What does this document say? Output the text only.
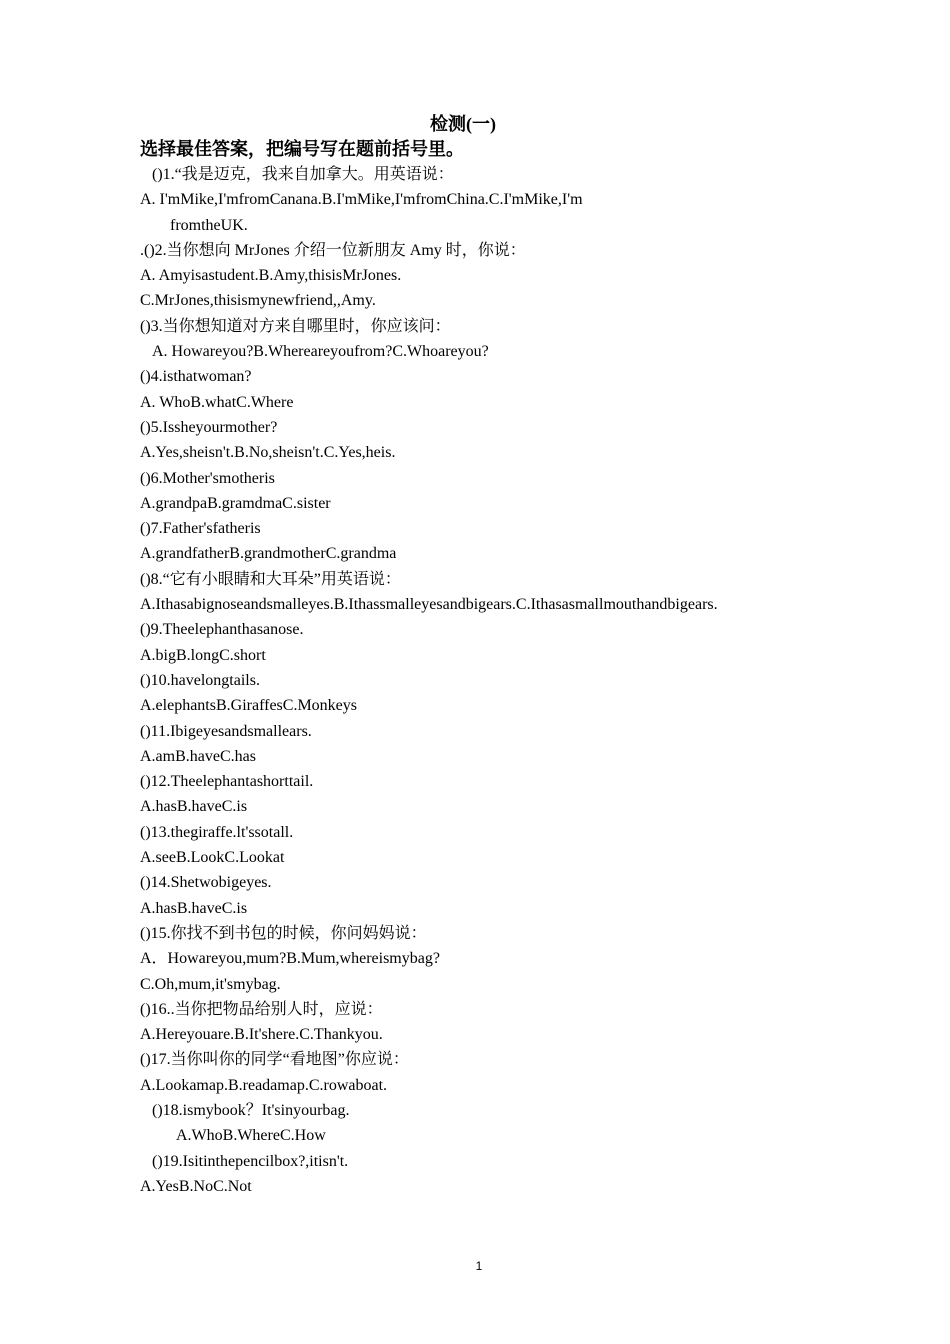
检测(一)
选择最佳答案，把编号写在题前括号里。
()1.“我是迈克，我来自加拿大。用英语说：
A. I'mMike,I'mfromCanana.B.I'mMike,I'mfromChina.C.I'mMike,I'm
fromtheUK.
.()2.当你想向 MrJones 介绍一位新朋友 Amy 时，你说：
A. Amyisastudent.B.Amy,thisisMrJones.
C.MrJones,thisismynewfriend,,Amy.
()3.当你想知道对方来自哪里时，你应该问：
A. Howareyou?B.Whereareyoufrom?C.Whoareyou?
()4.isthatwoman?
A. WhoB.whatC.Where
()5.Issheyourmother?
A.Yes,sheisn't.B.No,sheisn't.C.Yes,heis.
()6.Mother'smotheris
A.grandpaB.gramdmaC.sister
()7.Father'sfatheris
A.grandfatherB.grandmotherC.grandma
()8.“它有小眼睛和大耳朵”用英语说：
A.Ithasabignoseandsmalleyes.B.Ithassmalleyesandbigears.C.Ithasasmallmouthandbigears.
()9.Theelephanthasanose.
A.bigB.longC.short
()10.havelongtails.
A.elephantsB.GiraffesC.Monkeys
()11.Ibigeyesandsmallears.
A.amB.haveC.has
()12.Theelephantashorttail.
A.hasB.haveC.is
()13.thegiraffe.lt'ssotall.
A.seeB.LookC.Lookat
()14.Shetwobigeyes.
A.hasB.haveC.is
()15.你找不到书包的时候，你问妈妈说：
A．Howareyou,mum?B.Mum,whereismybag?
C.Oh,mum,it'smybag.
()16..当你把物品给别人时，应说：
A.Hereyouare.B.It'shere.C.Thankyou.
()17.当你叫你的同学“看地图”你应说：
A.Lookamap.B.readamap.C.rowaboat.
()18.ismybook？It'sinyourbag.
A.WhoB.WhereC.How
()19.Isitinthepencilbox?,itisn't.
A.YesB.NoC.Not
1
